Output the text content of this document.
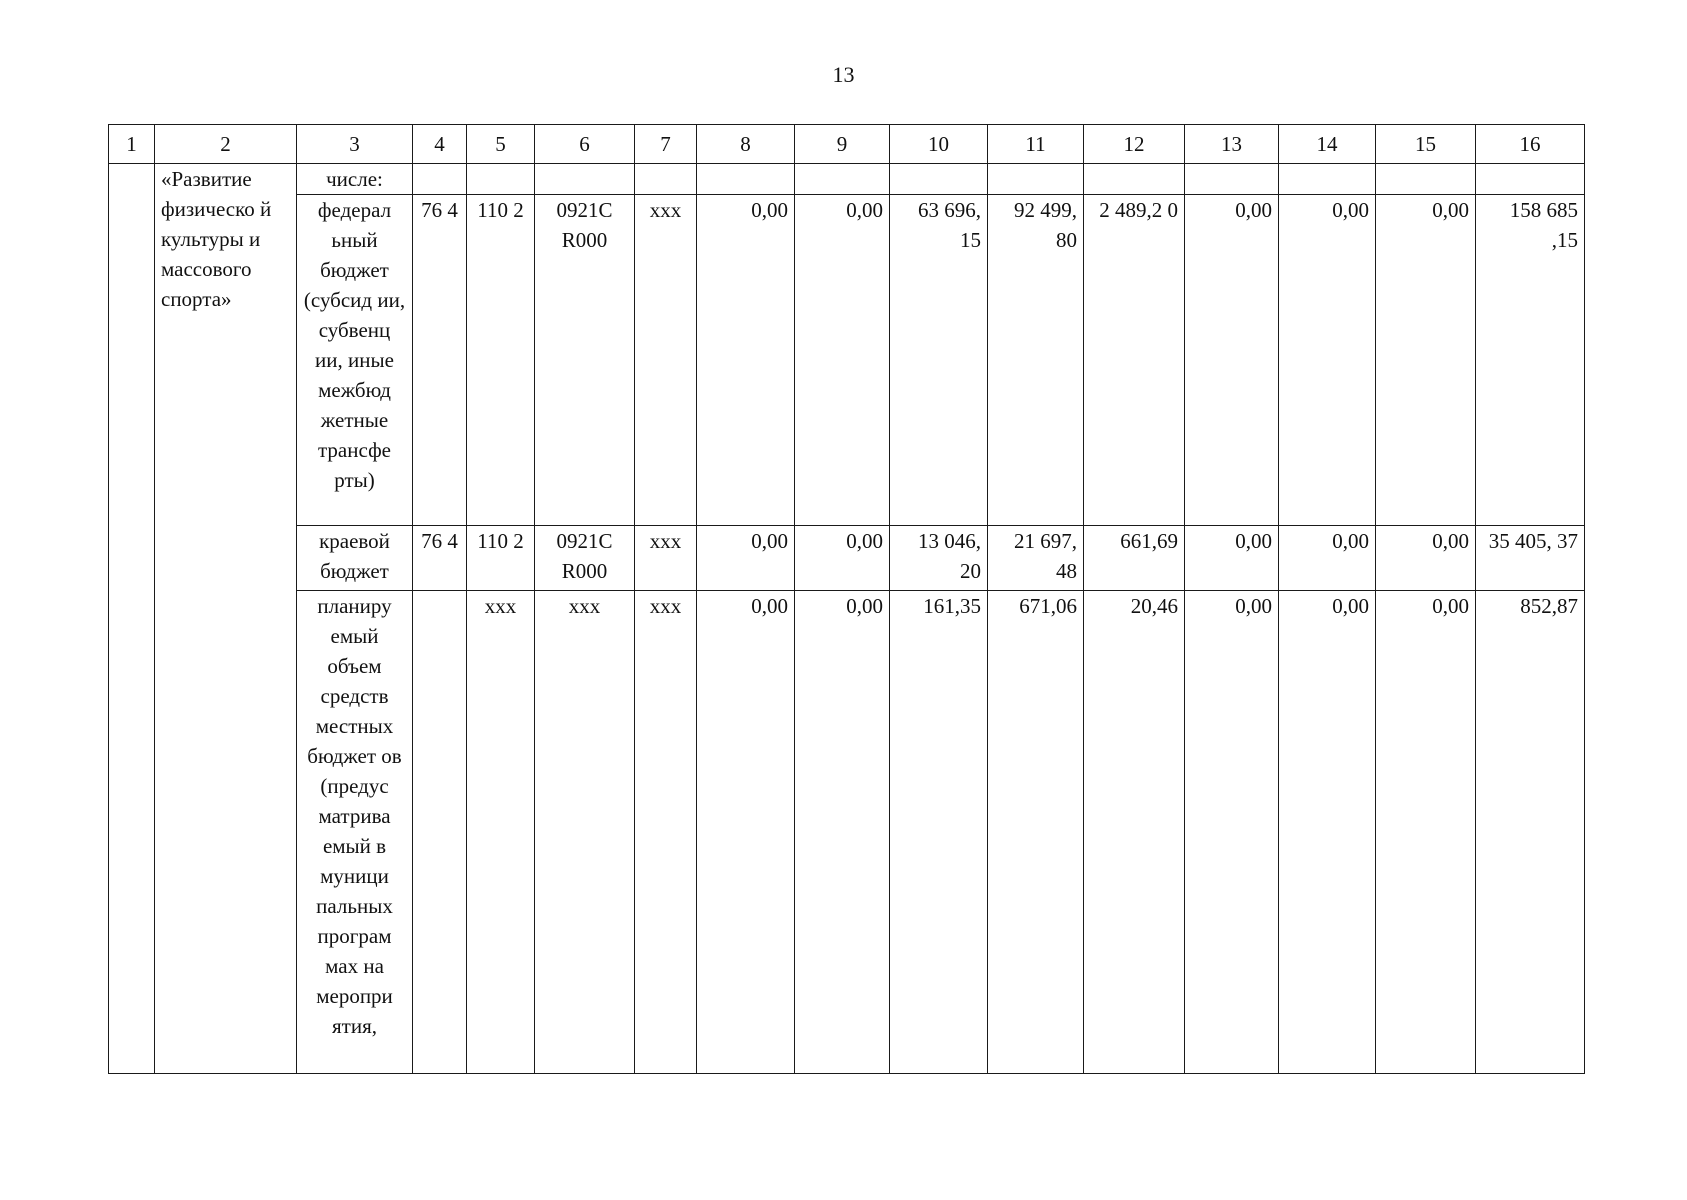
13
1	2	3	4	5	6	7	8	9	10	11	12	13	14	15	16
	«Развитие физическо й культуры и массового спорта»	числе:													
		федерал ьный бюджет (субсид ии, субвенц ии, иные межбюд жетные трансфе рты)	76 4	110 2	0921C R000	xxx	0,00	0,00	63 696, 15	92 499, 80	2 489,2 0	0,00	0,00	0,00	158 685 ,15
		краевой бюджет	76 4	110 2	0921C R000	xxx	0,00	0,00	13 046, 20	21 697, 48	661,69	0,00	0,00	0,00	35 405, 37
		планиру емый объем средств местных бюджет ов (предус матрива емый в муници пальных програм мах на меропри ятия,		xxx	xxx	xxx	0,00	0,00	161,35	671,06	20,46	0,00	0,00	0,00	852,87
